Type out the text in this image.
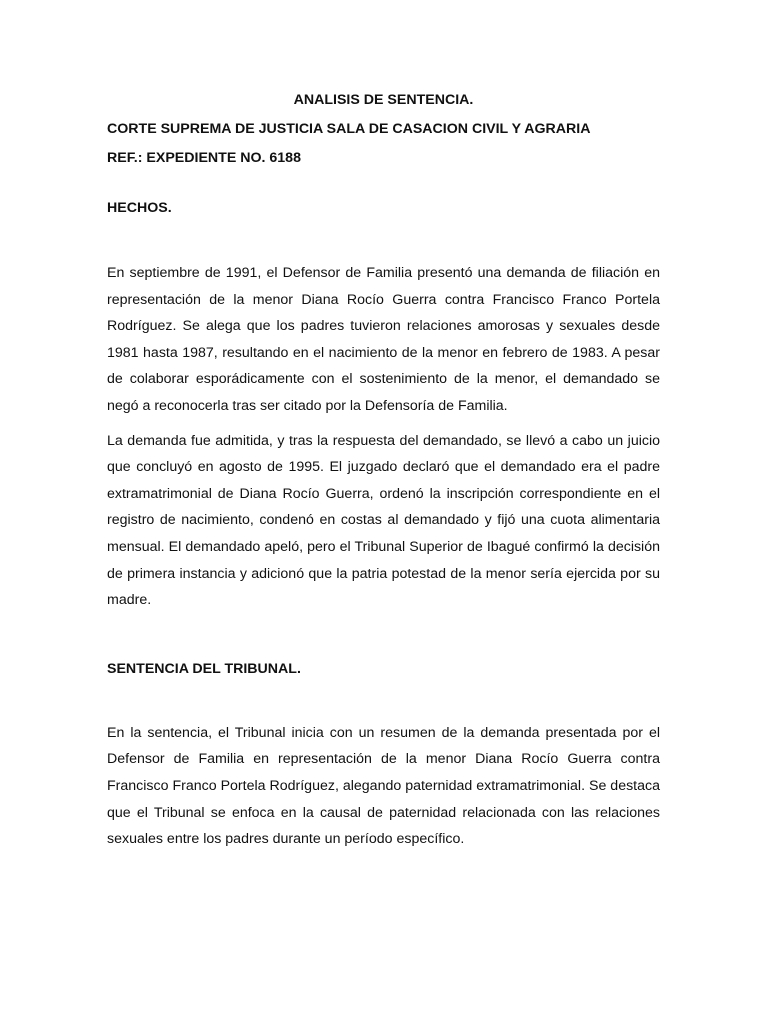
ANALISIS DE SENTENCIA.
CORTE SUPREMA DE JUSTICIA SALA DE CASACION CIVIL Y AGRARIA
REF.: EXPEDIENTE NO. 6188
HECHOS.

En septiembre de 1991, el Defensor de Familia presentó una demanda de filiación en representación de la menor Diana Rocío Guerra contra Francisco Franco Portela Rodríguez. Se alega que los padres tuvieron relaciones amorosas y sexuales desde 1981 hasta 1987, resultando en el nacimiento de la menor en febrero de 1983. A pesar de colaborar esporádicamente con el sostenimiento de la menor, el demandado se negó a reconocerla tras ser citado por la Defensoría de Familia.

La demanda fue admitida, y tras la respuesta del demandado, se llevó a cabo un juicio que concluyó en agosto de 1995. El juzgado declaró que el demandado era el padre extramatrimonial de Diana Rocío Guerra, ordenó la inscripción correspondiente en el registro de nacimiento, condenó en costas al demandado y fijó una cuota alimentaria mensual. El demandado apeló, pero el Tribunal Superior de Ibagué confirmó la decisión de primera instancia y adicionó que la patria potestad de la menor sería ejercida por su madre.

SENTENCIA DEL TRIBUNAL.

En la sentencia, el Tribunal inicia con un resumen de la demanda presentada por el Defensor de Familia en representación de la menor Diana Rocío Guerra contra Francisco Franco Portela Rodríguez, alegando paternidad extramatrimonial. Se destaca que el Tribunal se enfoca en la causal de paternidad relacionada con las relaciones sexuales entre los padres durante un período específico.
